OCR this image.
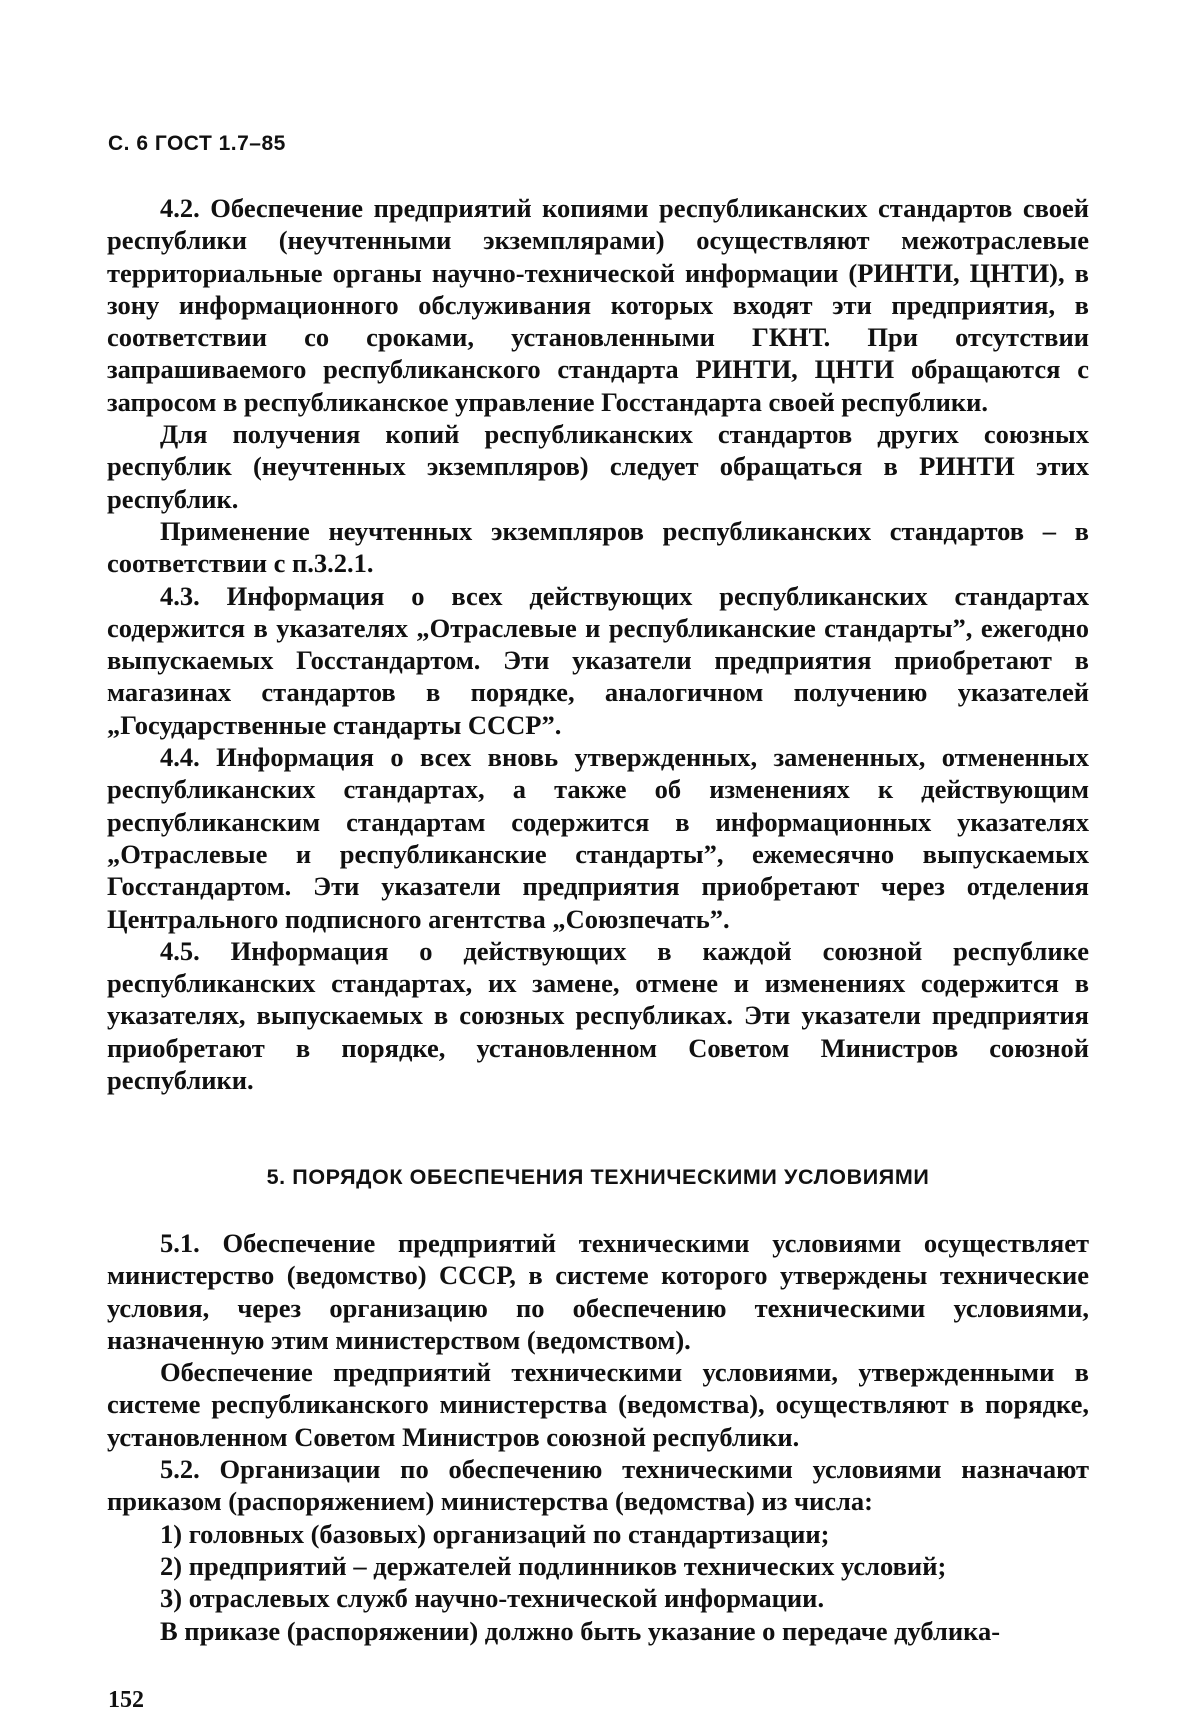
С. 6 ГОСТ 1.7–85

4.2. Обеспечение предприятий копиями республиканских стандартов своей республики (неучтенными экземплярами) осуществляют межотраслевые территориальные органы научно-технической информации (РИНТИ, ЦНТИ), в зону информационного обслуживания которых входят эти предприятия, в соответствии со сроками, установленными ГКНТ. При отсутствии запрашиваемого республиканского стандарта РИНТИ, ЦНТИ обращаются с запросом в республиканское управление Госстандарта своей республики.

Для получения копий республиканских стандартов других союзных республик (неучтенных экземпляров) следует обращаться в РИНТИ этих республик.

Применение неучтенных экземпляров республиканских стандартов – в соответствии с п.3.2.1.

4.3. Информация о всех действующих республиканских стандартах содержится в указателях „Отраслевые и республиканские стандарты”, ежегодно выпускаемых Госстандартом. Эти указатели предприятия приобретают в магазинах стандартов в порядке, аналогичном получению указателей „Государственные стандарты СССР”.

4.4. Информация о всех вновь утвержденных, замененных, отмененных республиканских стандартах, а также об изменениях к действующим республиканским стандартам содержится в информационных указателях „Отраслевые и республиканские стандарты”, ежемесячно выпускаемых Госстандартом. Эти указатели предприятия приобретают через отделения Центрального подписного агентства „Союзпечать”.

4.5. Информация о действующих в каждой союзной республике республиканских стандартах, их замене, отмене и изменениях содержится в указателях, выпускаемых в союзных республиках. Эти указатели предприятия приобретают в порядке, установленном Советом Министров союзной республики.

5. ПОРЯДОК ОБЕСПЕЧЕНИЯ ТЕХНИЧЕСКИМИ УСЛОВИЯМИ

5.1. Обеспечение предприятий техническими условиями осуществляет министерство (ведомство) СССР, в системе которого утверждены технические условия, через организацию по обеспечению техническими условиями, назначенную этим министерством (ведомством).

Обеспечение предприятий техническими условиями, утвержденными в системе республиканского министерства (ведомства), осуществляют в порядке, установленном Советом Министров союзной республики.

5.2. Организации по обеспечению техническими условиями назначают приказом (распоряжением) министерства (ведомства) из числа:

1) головных (базовых) организаций по стандартизации;

2) предприятий – держателей подлинников технических условий;

3) отраслевых служб научно-технической информации.

В приказе (распоряжении) должно быть указание о передаче дублика-

152
